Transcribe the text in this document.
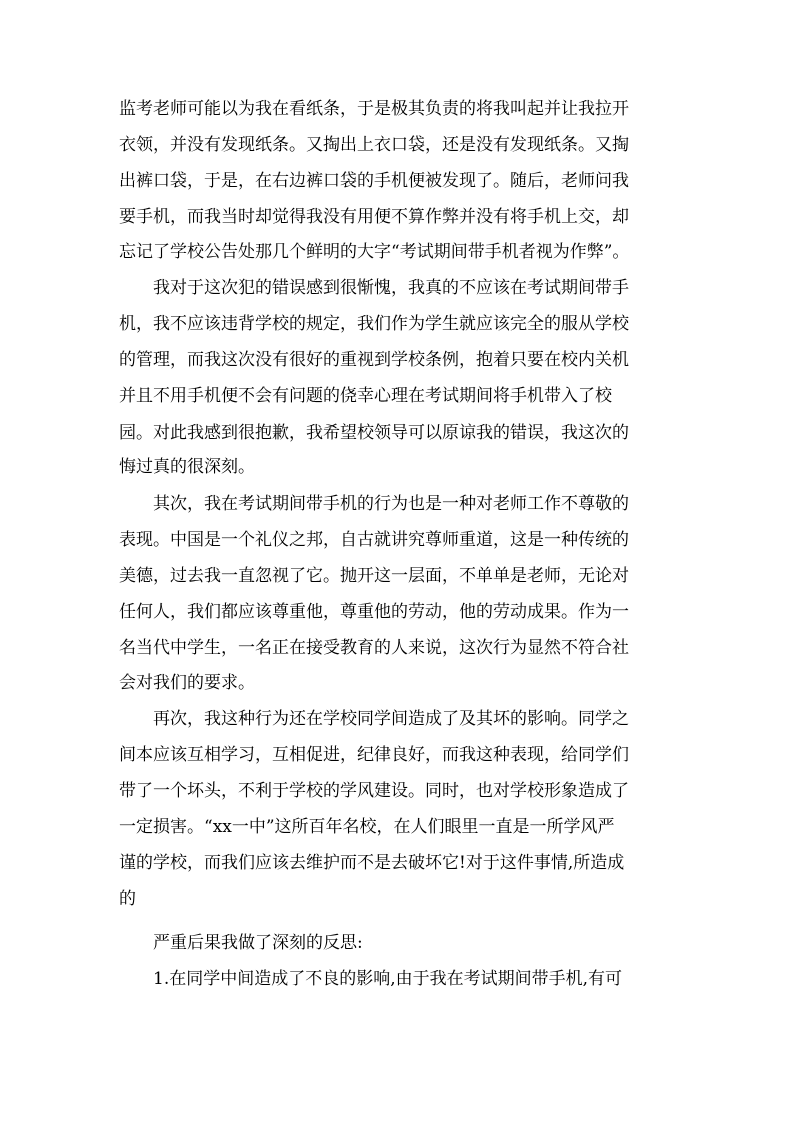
监考老师可能以为我在看纸条，于是极其负责的将我叫起并让我拉开
衣领，并没有发现纸条。又掏出上衣口袋，还是没有发现纸条。又掏
出裤口袋，于是，在右边裤口袋的手机便被发现了。随后，老师问我
要手机，而我当时却觉得我没有用便不算作弊并没有将手机上交，却
忘记了学校公告处那几个鲜明的大字“考试期间带手机者视为作弊”。
我对于这次犯的错误感到很惭愧，我真的不应该在考试期间带手
机，我不应该违背学校的规定，我们作为学生就应该完全的服从学校
的管理，而我这次没有很好的重视到学校条例，抱着只要在校内关机
并且不用手机便不会有问题的侥幸心理在考试期间将手机带入了校
园。对此我感到很抱歉，我希望校领导可以原谅我的错误，我这次的
悔过真的很深刻。
其次，我在考试期间带手机的行为也是一种对老师工作不尊敬的
表现。中国是一个礼仪之邦，自古就讲究尊师重道，这是一种传统的
美德，过去我一直忽视了它。抛开这一层面，不单单是老师，无论对
任何人，我们都应该尊重他，尊重他的劳动，他的劳动成果。作为一
名当代中学生，一名正在接受教育的人来说，这次行为显然不符合社
会对我们的要求。
再次，我这种行为还在学校同学间造成了及其坏的影响。同学之
间本应该互相学习，互相促进，纪律良好，而我这种表现，给同学们
带了一个坏头，不利于学校的学风建设。同时，也对学校形象造成了
一定损害。“xx一中”这所百年名校，在人们眼里一直是一所学风严
谨的学校，而我们应该去维护而不是去破坏它!对于这件事情,所造成
的
严重后果我做了深刻的反思:
1.在同学中间造成了不良的影响,由于我在考试期间带手机,有可
